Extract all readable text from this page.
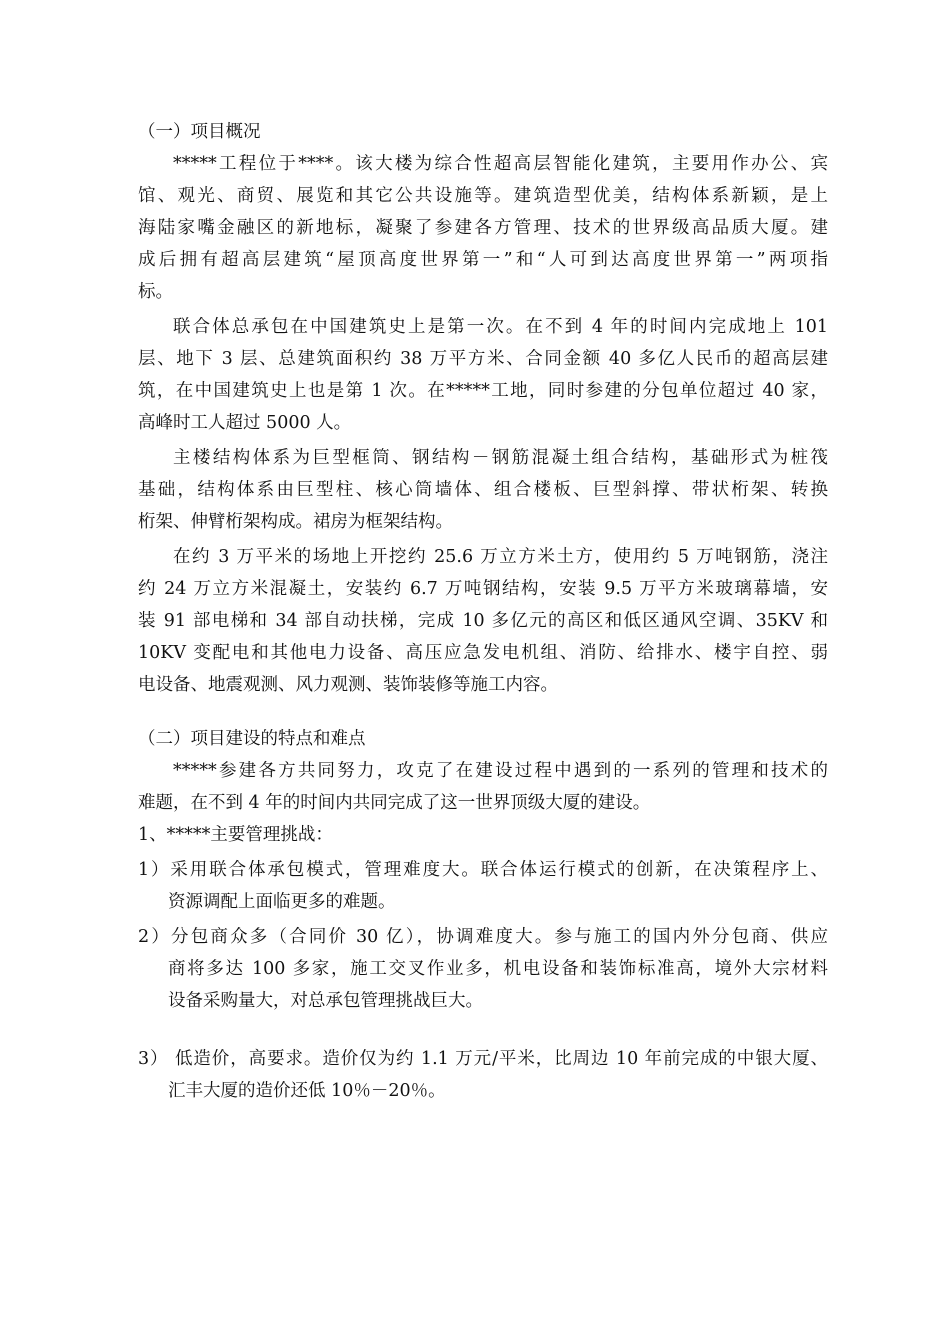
（一）项目概况
*****工程位于****。该大楼为综合性超高层智能化建筑，主要用作办公、宾
馆、观光、商贸、展览和其它公共设施等。建筑造型优美，结构体系新颖，是上
海陆家嘴金融区的新地标，凝聚了参建各方管理、技术的世界级高品质大厦。建
成后拥有超高层建筑“屋顶高度世界第一”和“人可到达高度世界第一”两项指
标。
联合体总承包在中国建筑史上是第一次。在不到 4 年的时间内完成地上 101
层、地下 3 层、总建筑面积约 38 万平方米、合同金额 40 多亿人民币的超高层建
筑，在中国建筑史上也是第 1 次。在*****工地，同时参建的分包单位超过 40 家，
高峰时工人超过 5000 人。
主楼结构体系为巨型框筒、钢结构－钢筋混凝土组合结构，基础形式为桩筏
基础，结构体系由巨型柱、核心筒墙体、组合楼板、巨型斜撑、带状桁架、转换
桁架、伸臂桁架构成。裙房为框架结构。
在约 3 万平米的场地上开挖约 25.6 万立方米土方，使用约 5 万吨钢筋，浇注
约 24 万立方米混凝土，安装约 6.7 万吨钢结构，安装 9.5 万平方米玻璃幕墙，安
装 91 部电梯和 34 部自动扶梯，完成 10 多亿元的高区和低区通风空调、35KV 和
10KV 变配电和其他电力设备、高压应急发电机组、消防、给排水、楼宇自控、弱
电设备、地震观测、风力观测、装饰装修等施工内容。
（二）项目建设的特点和难点
*****参建各方共同努力，攻克了在建设过程中遇到的一系列的管理和技术的
难题，在不到 4 年的时间内共同完成了这一世界顶级大厦的建设。
1、*****主要管理挑战：
1）采用联合体承包模式，管理难度大。联合体运行模式的创新，在决策程序上、
资源调配上面临更多的难题。
2）分包商众多（合同价 30 亿），协调难度大。参与施工的国内外分包商、供应
商将多达 100 多家，施工交叉作业多，机电设备和装饰标准高，境外大宗材料
设备采购量大，对总承包管理挑战巨大。
3） 低造价，高要求。造价仅为约 1.1 万元/平米，比周边 10 年前完成的中银大厦、
汇丰大厦的造价还低 10％－20％。
